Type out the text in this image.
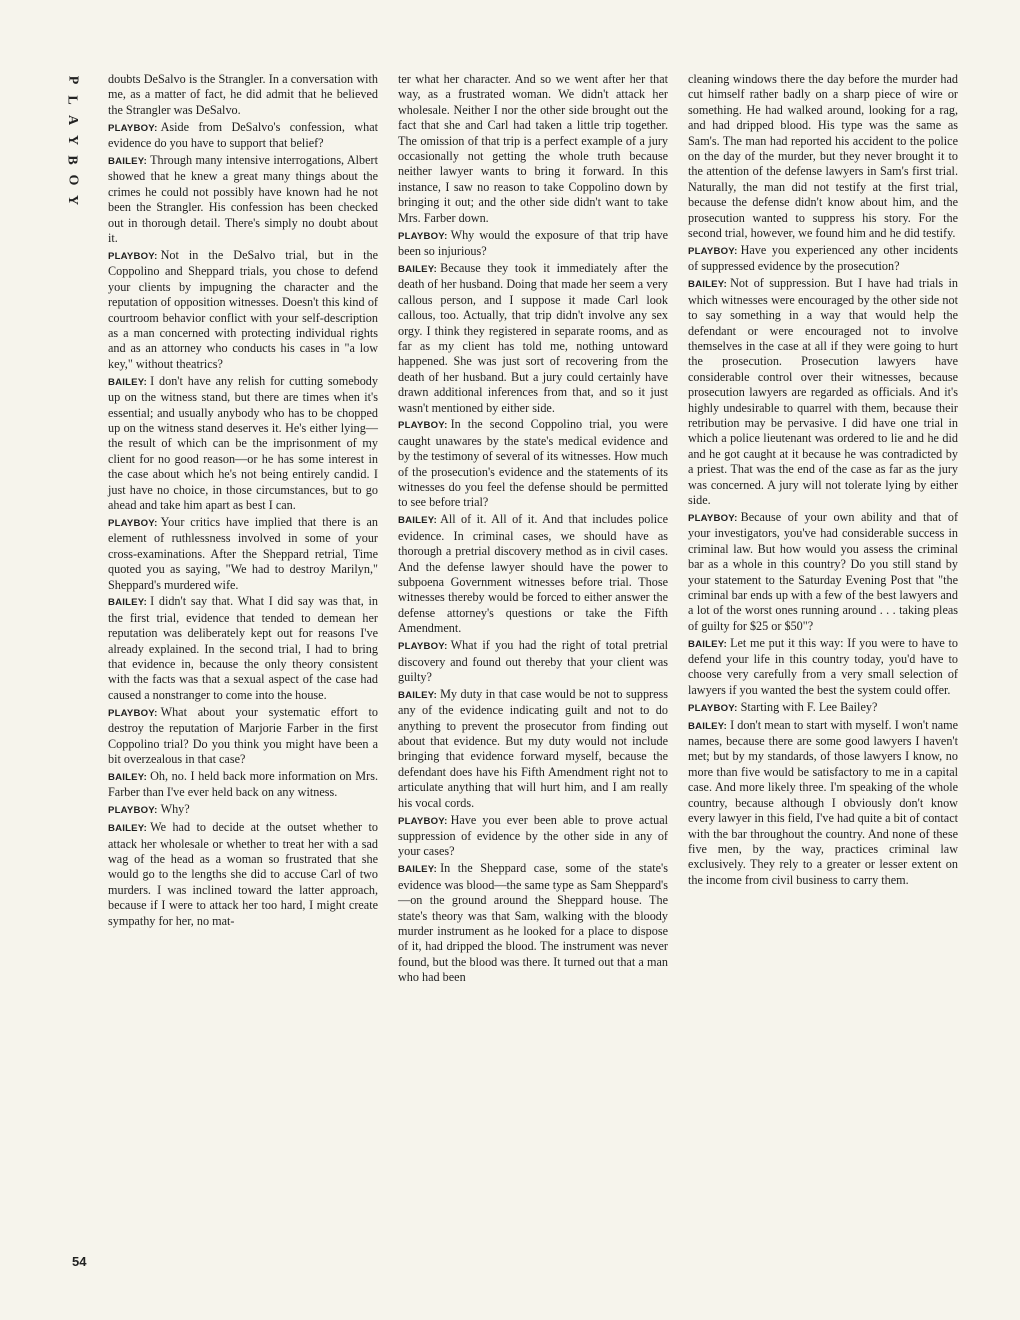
P
L
A
Y
B
O
Y

doubts DeSalvo is the Strangler. In a conversation with me, as a matter of fact, he did admit that he believed the Strangler was DeSalvo.

PLAYBOY: Aside from DeSalvo's confession, what evidence do you have to support that belief?

BAILEY: Through many intensive interrogations, Albert showed that he knew a great many things about the crimes he could not possibly have known had he not been the Strangler. His confession has been checked out in thorough detail. There's simply no doubt about it.

PLAYBOY: Not in the DeSalvo trial, but in the Coppolino and Sheppard trials, you chose to defend your clients by impugning the character and the reputation of opposition witnesses. Doesn't this kind of courtroom behavior conflict with your self-description as a man concerned with protecting individual rights and as an attorney who conducts his cases in "a low key," without theatrics?

BAILEY: I don't have any relish for cutting somebody up on the witness stand, but there are times when it's essential; and usually anybody who has to be chopped up on the witness stand deserves it. He's either lying—the result of which can be the imprisonment of my client for no good reason—or he has some interest in the case about which he's not being entirely candid. I just have no choice, in those circumstances, but to go ahead and take him apart as best I can.

PLAYBOY: Your critics have implied that there is an element of ruthlessness involved in some of your cross-examinations. After the Sheppard retrial, Time quoted you as saying, "We had to destroy Marilyn," Sheppard's murdered wife.

BAILEY: I didn't say that. What I did say was that, in the first trial, evidence that tended to demean her reputation was deliberately kept out for reasons I've already explained. In the second trial, I had to bring that evidence in, because the only theory consistent with the facts was that a sexual aspect of the case had caused a nonstranger to come into the house.

PLAYBOY: What about your systematic effort to destroy the reputation of Marjorie Farber in the first Coppolino trial? Do you think you might have been a bit overzealous in that case?

BAILEY: Oh, no. I held back more information on Mrs. Farber than I've ever held back on any witness.

PLAYBOY: Why?

BAILEY: We had to decide at the outset whether to attack her wholesale or whether to treat her with a sad wag of the head as a woman so frustrated that she would go to the lengths she did to accuse Carl of two murders. I was inclined toward the latter approach, because if I were to attack her too hard, I might create sympathy for her, no mat-

ter what her character. And so we went after her that way, as a frustrated woman. We didn't attack her wholesale. Neither I nor the other side brought out the fact that she and Carl had taken a little trip together. The omission of that trip is a perfect example of a jury occasionally not getting the whole truth because neither lawyer wants to bring it forward. In this instance, I saw no reason to take Coppolino down by bringing it out; and the other side didn't want to take Mrs. Farber down.

PLAYBOY: Why would the exposure of that trip have been so injurious?

BAILEY: Because they took it immediately after the death of her husband. Doing that made her seem a very callous person, and I suppose it made Carl look callous, too. Actually, that trip didn't involve any sex orgy. I think they registered in separate rooms, and as far as my client has told me, nothing untoward happened. She was just sort of recovering from the death of her husband. But a jury could certainly have drawn additional inferences from that, and so it just wasn't mentioned by either side.

PLAYBOY: In the second Coppolino trial, you were caught unawares by the state's medical evidence and by the testimony of several of its witnesses. How much of the prosecution's evidence and the statements of its witnesses do you feel the defense should be permitted to see before trial?

BAILEY: All of it. All of it. And that includes police evidence. In criminal cases, we should have as thorough a pretrial discovery method as in civil cases. And the defense lawyer should have the power to subpoena Government witnesses before trial. Those witnesses thereby would be forced to either answer the defense attorney's questions or take the Fifth Amendment.

PLAYBOY: What if you had the right of total pretrial discovery and found out thereby that your client was guilty?

BAILEY: My duty in that case would be not to suppress any of the evidence indicating guilt and not to do anything to prevent the prosecutor from finding out about that evidence. But my duty would not include bringing that evidence forward myself, because the defendant does have his Fifth Amendment right not to articulate anything that will hurt him, and I am really his vocal cords.

PLAYBOY: Have you ever been able to prove actual suppression of evidence by the other side in any of your cases?

BAILEY: In the Sheppard case, some of the state's evidence was blood—the same type as Sam Sheppard's—on the ground around the Sheppard house. The state's theory was that Sam, walking with the bloody murder instrument as he looked for a place to dispose of it, had dripped the blood. The instrument was never found, but the blood was there. It turned out that a man who had been

cleaning windows there the day before the murder had cut himself rather badly on a sharp piece of wire or something. He had walked around, looking for a rag, and had dripped blood. His type was the same as Sam's. The man had reported his accident to the police on the day of the murder, but they never brought it to the attention of the defense lawyers in Sam's first trial. Naturally, the man did not testify at the first trial, because the defense didn't know about him, and the prosecution wanted to suppress his story. For the second trial, however, we found him and he did testify.

PLAYBOY: Have you experienced any other incidents of suppressed evidence by the prosecution?

BAILEY: Not of suppression. But I have had trials in which witnesses were encouraged by the other side not to say something in a way that would help the defendant or were encouraged not to involve themselves in the case at all if they were going to hurt the prosecution. Prosecution lawyers have considerable control over their witnesses, because prosecution lawyers are regarded as officials. And it's highly undesirable to quarrel with them, because their retribution may be pervasive. I did have one trial in which a police lieutenant was ordered to lie and he did and he got caught at it because he was contradicted by a priest. That was the end of the case as far as the jury was concerned. A jury will not tolerate lying by either side.

PLAYBOY: Because of your own ability and that of your investigators, you've had considerable success in criminal law. But how would you assess the criminal bar as a whole in this country? Do you still stand by your statement to the Saturday Evening Post that "the criminal bar ends up with a few of the best lawyers and a lot of the worst ones running around . . . taking pleas of guilty for $25 or $50"?

BAILEY: Let me put it this way: If you were to have to defend your life in this country today, you'd have to choose very carefully from a very small selection of lawyers if you wanted the best the system could offer.

PLAYBOY: Starting with F. Lee Bailey?

BAILEY: I don't mean to start with myself. I won't name names, because there are some good lawyers I haven't met; but by my standards, of those lawyers I know, no more than five would be satisfactory to me in a capital case. And more likely three. I'm speaking of the whole country, because although I obviously don't know every lawyer in this field, I've had quite a bit of contact with the bar throughout the country. And none of these five men, by the way, practices criminal law exclusively. They rely to a greater or lesser extent on the income from civil business to carry them.

54
